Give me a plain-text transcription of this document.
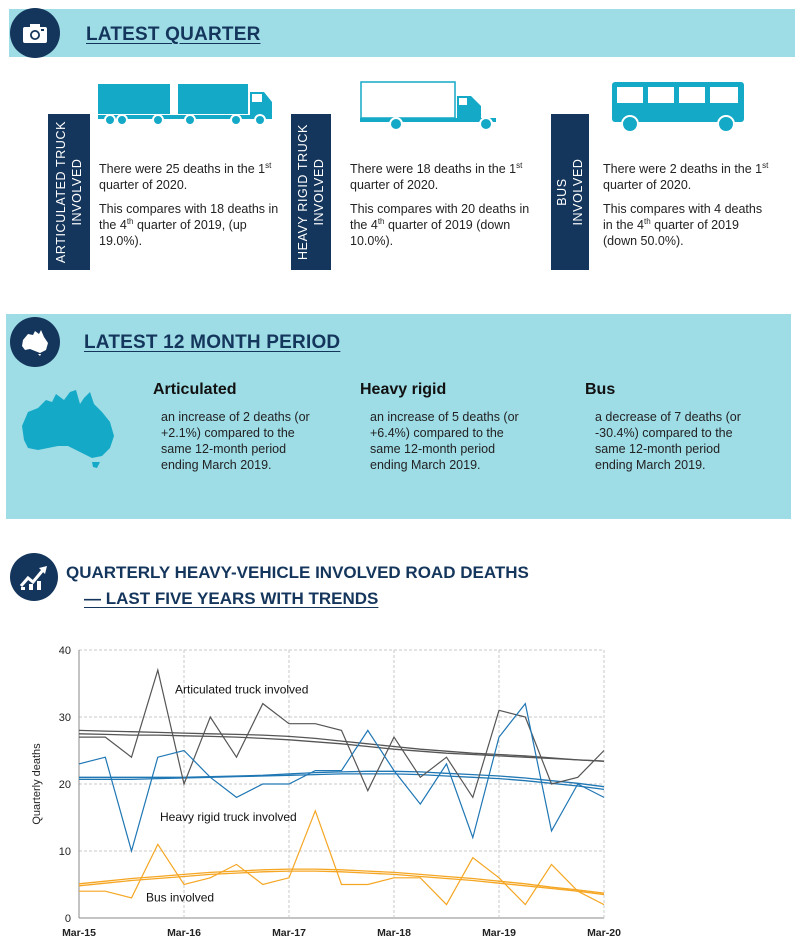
LATEST QUARTER
ARTICULATED TRUCK
INVOLVED There were 25 deaths in the 1st quarter of 2020.

This compares with 18 deaths in the 4th quarter of 2019, (up 19.0%).	HEAVY RIGID TRUCK
INVOLVED There were 18 deaths in the 1st quarter of 2020.

This compares with 20 deaths in the 4th quarter of 2019 (down 10.0%).

BUS
INVOLVED There were 2 deaths in the 1st quarter of 2020.

This compares with 4 deaths in the 4th quarter of 2019 (down 50.0%).

LATEST 12 MONTH PERIOD
Articulated
an increase of 2 deaths (or +2.1%) compared to the same 12-month period ending March 2019.
Heavy rigid
an increase of 5 deaths (or +6.4%) compared to the same 12-month period ending March 2019.
Bus
a decrease of 7 deaths (or -30.4%) compared to the same 12-month period ending March 2019.
QUARTERLY HEAVY-VEHICLE INVOLVED ROAD DEATHS
— LAST FIVE YEARS WITH TRENDS
0
10
20
30
40
Mar-15	Mar-16	Mar-17	Mar-18	Mar-19	Mar-20
Quarterly deaths
Articulated truck involved
Heavy rigid truck involved
Bus involved
